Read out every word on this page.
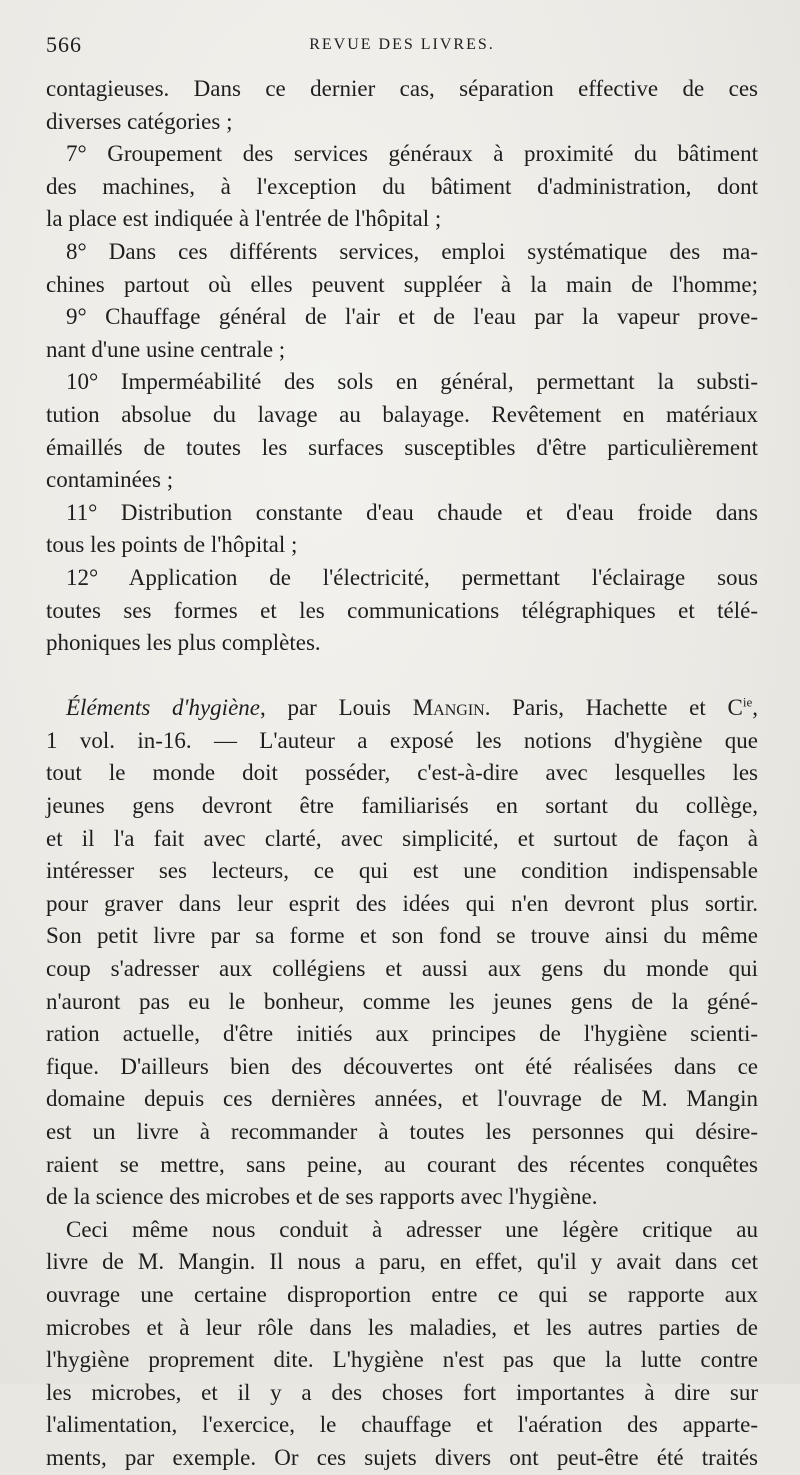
566	REVUE DES LIVRES.
contagieuses. Dans ce dernier cas, séparation effective de ces
diverses catégories ;
7° Groupement des services généraux à proximité du bâtiment
des machines, à l'exception du bâtiment d'administration, dont
la place est indiquée à l'entrée de l'hôpital ;
8° Dans ces différents services, emploi systématique des ma-
chines partout où elles peuvent suppléer à la main de l'homme;
9° Chauffage général de l'air et de l'eau par la vapeur prove-
nant d'une usine centrale ;
10° Imperméabilité des sols en général, permettant la substi-
tution absolue du lavage au balayage. Revêtement en matériaux
émaillés de toutes les surfaces susceptibles d'être particulièrement
contaminées ;
11° Distribution constante d'eau chaude et d'eau froide dans
tous les points de l'hôpital ;
12° Application de l'électricité, permettant l'éclairage sous
toutes ses formes et les communications télégraphiques et télé-
phoniques les plus complètes.
Éléments d'hygiène, par Louis Mangin. Paris, Hachette et $C^{ie}$,
1 vol. in-16. — L'auteur a exposé les notions d'hygiène que
tout le monde doit posséder, c'est-à-dire avec lesquelles les
jeunes gens devront être familiarisés en sortant du collège,
et il l'a fait avec clarté, avec simplicité, et surtout de façon à
intéresser ses lecteurs, ce qui est une condition indispensable
pour graver dans leur esprit des idées qui n'en devront plus sortir.
Son petit livre par sa forme et son fond se trouve ainsi du même
coup s'adresser aux collégiens et aussi aux gens du monde qui
n'auront pas eu le bonheur, comme les jeunes gens de la géné-
ration actuelle, d'être initiés aux principes de l'hygiène scienti-
fique. D'ailleurs bien des découvertes ont été réalisées dans ce
domaine depuis ces dernières années, et l'ouvrage de M. Mangin
est un livre à recommander à toutes les personnes qui désire-
raient se mettre, sans peine, au courant des récentes conquêtes
de la science des microbes et de ses rapports avec l'hygiène.
Ceci même nous conduit à adresser une légère critique au
livre de M. Mangin. Il nous a paru, en effet, qu'il y avait dans cet
ouvrage une certaine disproportion entre ce qui se rapporte aux
microbes et à leur rôle dans les maladies, et les autres parties de
l'hygiène proprement dite. L'hygiène n'est pas que la lutte contre
les microbes, et il y a des choses fort importantes à dire sur
l'alimentation, l'exercice, le chauffage et l'aération des apparte-
ments, par exemple. Or ces sujets divers ont peut-être été traités
